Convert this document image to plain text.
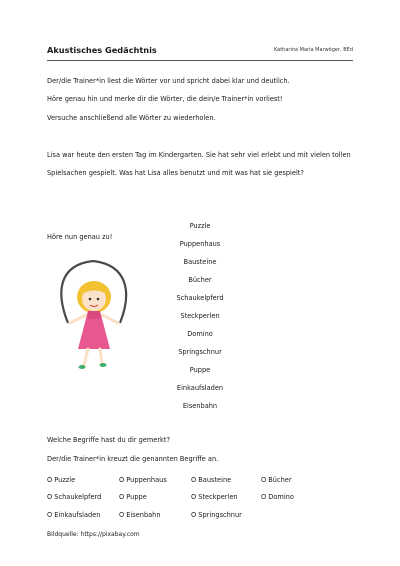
Akustisches Gedächtnis	Katharina Maria Marwöger, BEd
Der/die Trainer*in liest die Wörter vor und spricht dabei klar und deutlich.
Höre genau hin und merke dir die Wörter, die dein/e Trainer*in vorliest!
Versuche anschließend alle Wörter zu wiederholen.
Lisa war heute den ersten Tag im Kindergarten. Sie hat sehr viel erlebt und mit vielen tollen
Spielsachen gespielt. Was hat Lisa alles benutzt und mit was hat sie gespielt?
Höre nun genau zu!
Puzzle
Puppenhaus
Bausteine
Bücher
Schaukelpferd
Steckperlen
Domino
Springschnur
Puppe
Einkaufsladen
Eisenbahn
Welche Begriffe hast du dir gemerkt?
Der/die Trainer*in kreuzt die genannten Begriffe an.
O Puzzle	O Puppenhaus	O Bausteine	O Bücher
O Schaukelpferd	O Puppe	O Steckperlen	O Domino
O Einkaufsladen	O Eisenbahn	O Springschnur
Bildquelle: https://pixabay.com
